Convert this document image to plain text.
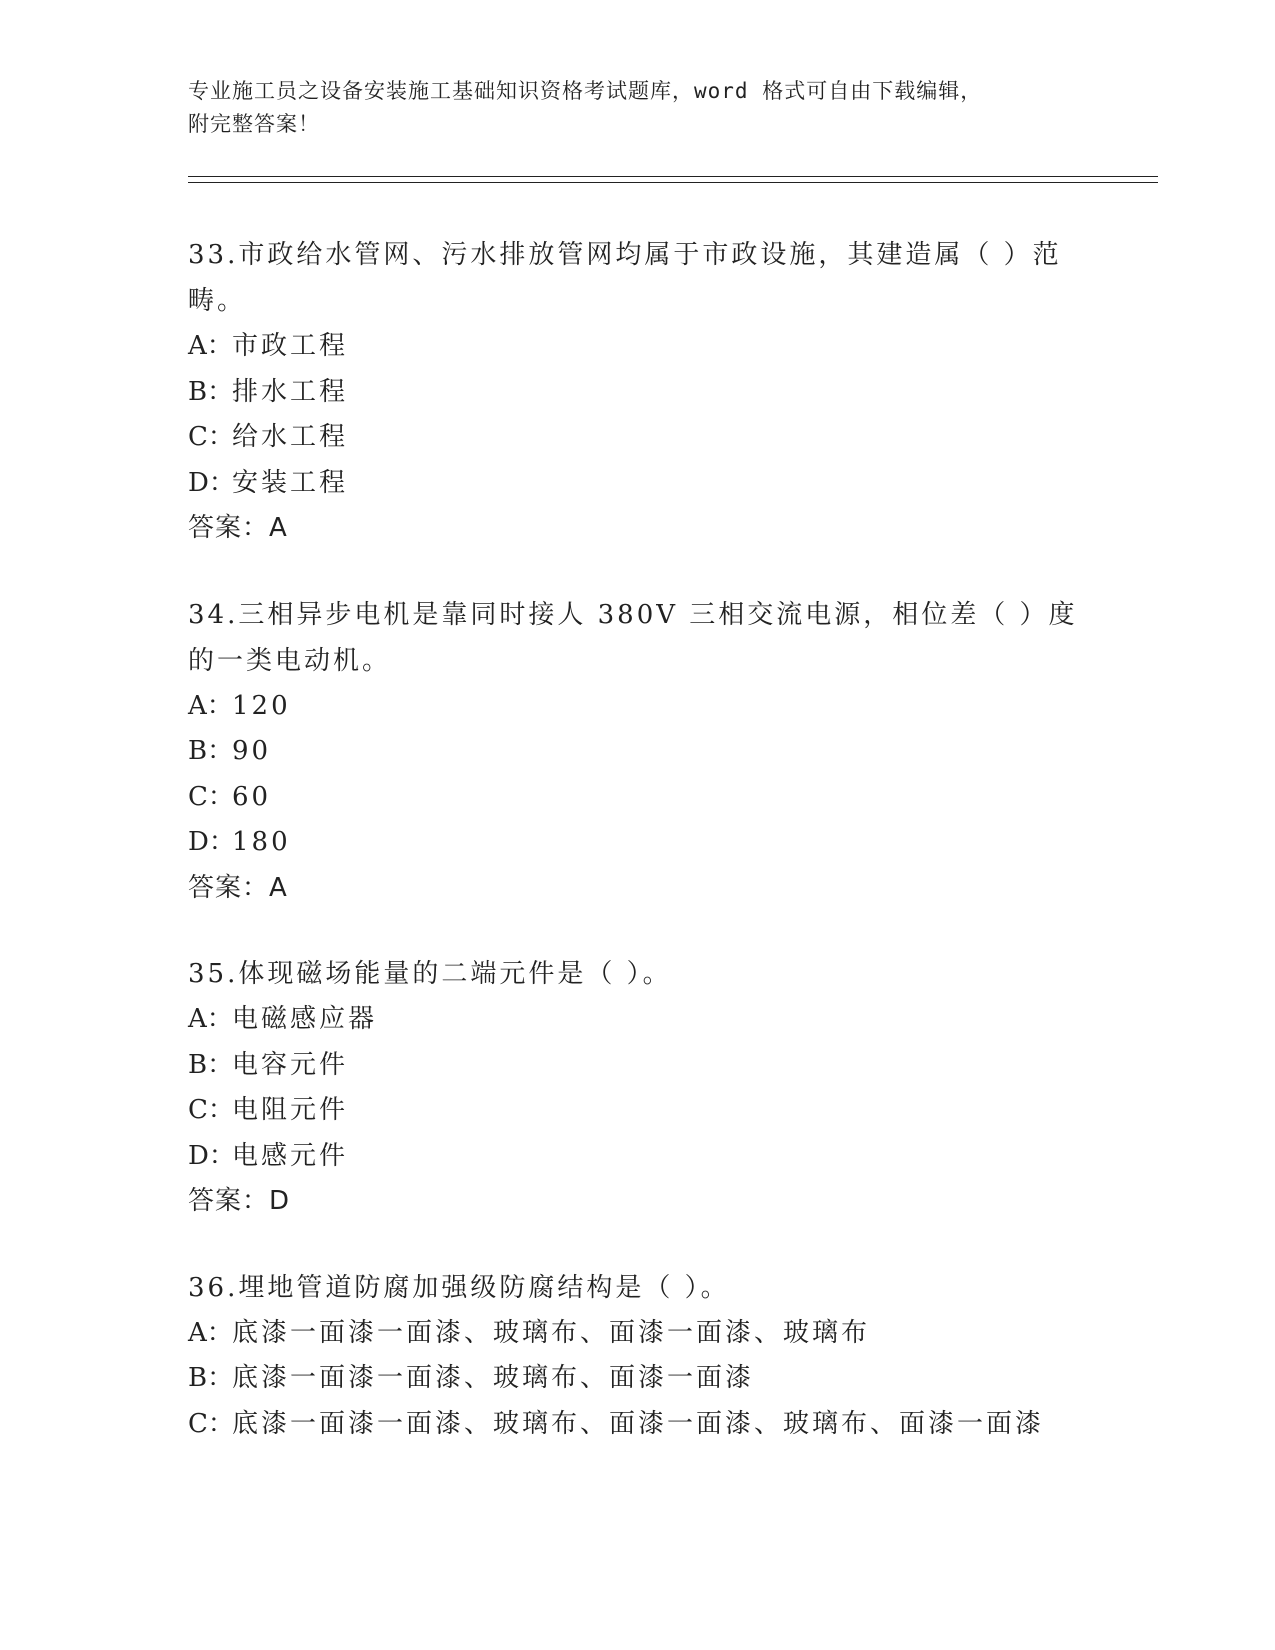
专业施工员之设备安装施工基础知识资格考试题库，word 格式可自由下载编辑，
附完整答案！

33.市政给水管网、污水排放管网均属于市政设施，其建造属（ ）范畴。

A：市政工程

B：排水工程

C：给水工程

D：安装工程

答案：A

34.三相异步电机是靠同时接人 380V 三相交流电源，相位差（ ）度的一类电动机。

A：120

B：90

C：60

D：180

答案：A

35.体现磁场能量的二端元件是（ ）。

A：电磁感应器

B：电容元件

C：电阻元件

D：电感元件

答案：D

36.埋地管道防腐加强级防腐结构是（ ）。

A：底漆一面漆一面漆、玻璃布、面漆一面漆、玻璃布

B：底漆一面漆一面漆、玻璃布、面漆一面漆

C：底漆一面漆一面漆、玻璃布、面漆一面漆、玻璃布、面漆一面漆
